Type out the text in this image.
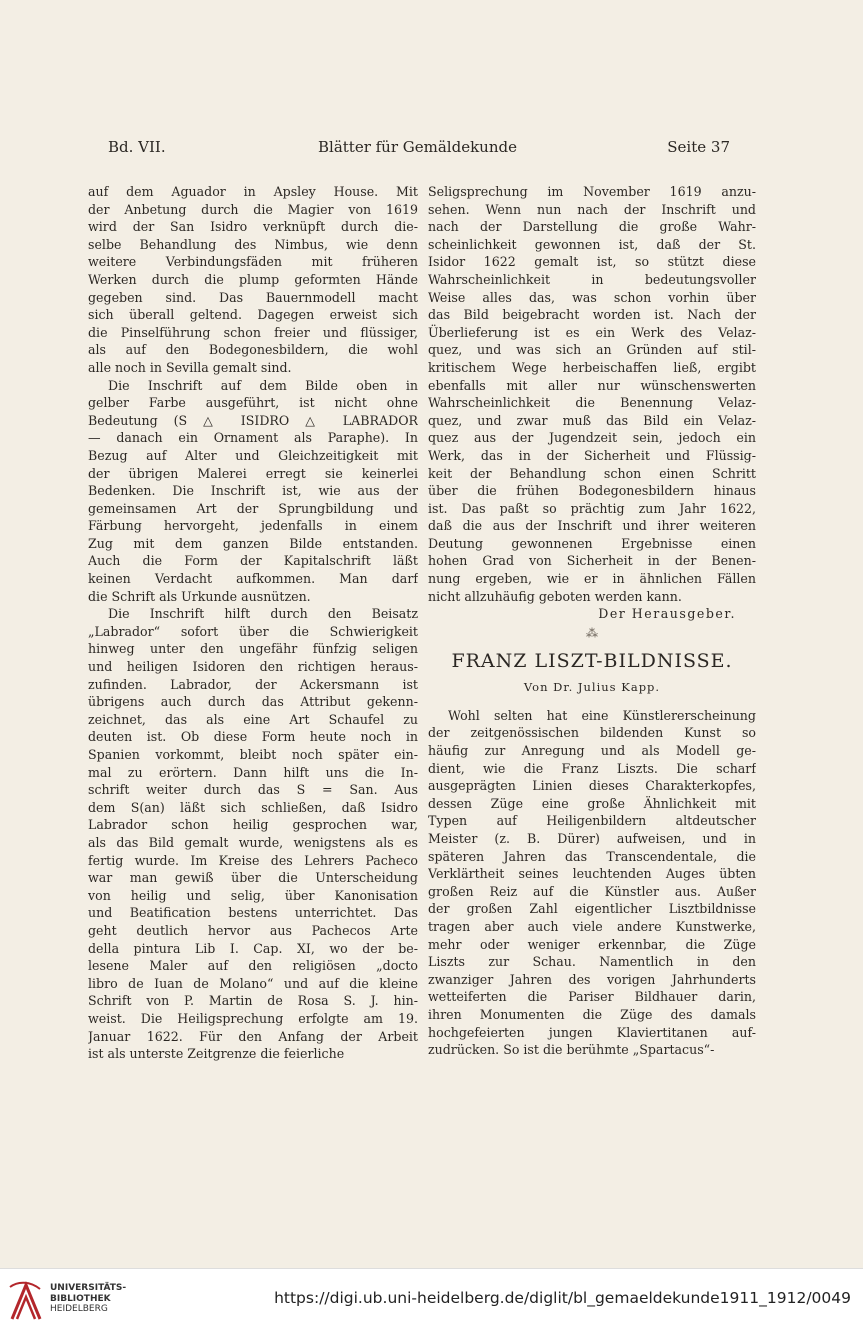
Bd. VII.	Blätter für Gemäldekunde	Seite 37
auf dem Aguador in Apsley House. Mit
der Anbetung durch die Magier von 1619
wird der San Isidro verknüpft durch die-
selbe Behandlung des Nimbus, wie denn
weitere Verbindungsfäden mit früheren
Werken durch die plump geformten Hände
gegeben sind. Das Bauernmodell macht
sich überall geltend. Dagegen erweist sich
die Pinselführung schon freier und flüssiger,
als auf den Bodegonesbildern, die wohl
alle noch in Sevilla gemalt sind.
Die Inschrift auf dem Bilde oben in
gelber Farbe ausgeführt, ist nicht ohne
Bedeutung (S △ ISIDRO △ LABRADOR
— danach ein Ornament als Paraphe). In
Bezug auf Alter und Gleichzeitigkeit mit
der übrigen Malerei erregt sie keinerlei
Bedenken. Die Inschrift ist, wie aus der
gemeinsamen Art der Sprungbildung und
Färbung hervorgeht, jedenfalls in einem
Zug mit dem ganzen Bilde entstanden.
Auch die Form der Kapitalschrift läßt
keinen Verdacht aufkommen. Man darf
die Schrift als Urkunde ausnützen.
Die Inschrift hilft durch den Beisatz
„Labrador“ sofort über die Schwierigkeit
hinweg unter den ungefähr fünfzig seligen
und heiligen Isidoren den richtigen heraus-
zufinden. Labrador, der Ackersmann ist
übrigens auch durch das Attribut gekenn-
zeichnet, das als eine Art Schaufel zu
deuten ist. Ob diese Form heute noch in
Spanien vorkommt, bleibt noch später ein-
mal zu erörtern. Dann hilft uns die In-
schrift weiter durch das S = San. Aus
dem S(an) läßt sich schließen, daß Isidro
Labrador schon heilig gesprochen war,
als das Bild gemalt wurde, wenigstens als es
fertig wurde. Im Kreise des Lehrers Pacheco
war man gewiß über die Unterscheidung
von heilig und selig, über Kanonisation
und Beatification bestens unterrichtet. Das
geht deutlich hervor aus Pachecos Arte
della pintura Lib I. Cap. XI, wo der be-
lesene Maler auf den religiösen „docto
libro de Iuan de Molano“ und auf die kleine
Schrift von P. Martin de Rosa S. J. hin-
weist. Die Heiligsprechung erfolgte am 19.
Januar 1622. Für den Anfang der Arbeit
ist als unterste Zeitgrenze die feierliche
Seligsprechung im November 1619 anzu-
sehen. Wenn nun nach der Inschrift und
nach der Darstellung die große Wahr-
scheinlichkeit gewonnen ist, daß der St.
Isidor 1622 gemalt ist, so stützt diese
Wahrscheinlichkeit in bedeutungsvoller
Weise alles das, was schon vorhin über
das Bild beigebracht worden ist. Nach der
Überlieferung ist es ein Werk des Velaz-
quez, und was sich an Gründen auf stil-
kritischem Wege herbeischaffen ließ, ergibt
ebenfalls mit aller nur wünschenswerten
Wahrscheinlichkeit die Benennung Velaz-
quez, und zwar muß das Bild ein Velaz-
quez aus der Jugendzeit sein, jedoch ein
Werk, das in der Sicherheit und Flüssig-
keit der Behandlung schon einen Schritt
über die frühen Bodegonesbildern hinaus
ist. Das paßt so prächtig zum Jahr 1622,
daß die aus der Inschrift und ihrer weiteren
Deutung gewonnenen Ergebnisse einen
hohen Grad von Sicherheit in der Benen-
nung ergeben, wie er in ähnlichen Fällen
nicht allzuhäufig geboten werden kann.
Der Herausgeber.
⁂
FRANZ LISZT-BILDNISSE.
Von Dr. Julius Kapp.
Wohl selten hat eine Künstlererscheinung
der zeitgenössischen bildenden Kunst so
häufig zur Anregung und als Modell ge-
dient, wie die Franz Liszts. Die scharf
ausgeprägten Linien dieses Charakterkopfes,
dessen Züge eine große Ähnlichkeit mit
Typen auf Heiligenbildern altdeutscher
Meister (z. B. Dürer) aufweisen, und in
späteren Jahren das Transcendentale, die
Verklärtheit seines leuchtenden Auges übten
großen Reiz auf die Künstler aus. Außer
der großen Zahl eigentlicher Lisztbildnisse
tragen aber auch viele andere Kunstwerke,
mehr oder weniger erkennbar, die Züge
Liszts zur Schau. Namentlich in den
zwanziger Jahren des vorigen Jahrhunderts
wetteiferten die Pariser Bildhauer darin,
ihren Monumenten die Züge des damals
hochgefeierten jungen Klaviertitanen auf-
zudrücken. So ist die berühmte „Spartacus“-
UNIVERSITÄTS-
BIBLIOTHEK
HEIDELBERG
https://digi.ub.uni-heidelberg.de/diglit/bl_gemaeldekunde1911_1912/0049
